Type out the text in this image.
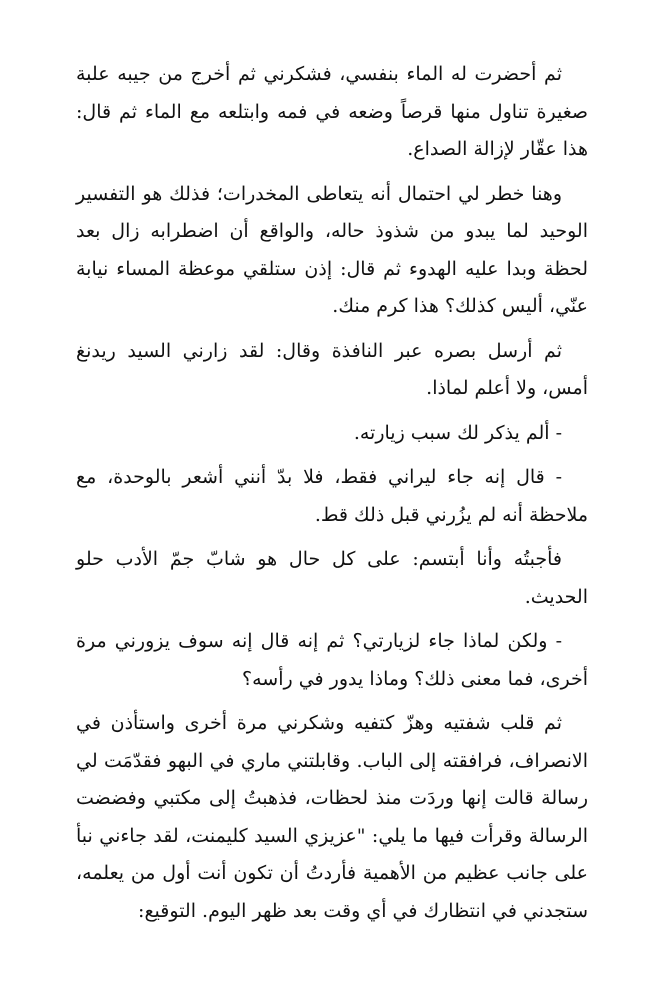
ثم أحضرت له الماء بنفسي، فشكرني ثم أخرج من جيبه علبة صغيرة تناول منها قرصاً وضعه في فمه وابتلعه مع الماء ثم قال: هذا عقّار لإزالة الصداع.

وهنا خطر لي احتمال أنه يتعاطى المخدرات؛ فذلك هو التفسير الوحيد لما يبدو من شذوذ حاله، والواقع أن اضطرابه زال بعد لحظة وبدا عليه الهدوء ثم قال: إذن ستلقي موعظة المساء نيابة عنّي، أليس كذلك؟ هذا كرم منك.

ثم أرسل بصره عبر النافذة وقال: لقد زارني السيد ريدنغ أمس، ولا أعلم لماذا.

- ألم يذكر لك سبب زيارته.

- قال إنه جاء ليراني فقط، فلا بدّ أنني أشعر بالوحدة، مع ملاحظة أنه لم يزُرني قبل ذلك قط.

فأجبتُه وأنا أبتسم: على كل حال هو شابّ جمّ الأدب حلو الحديث.

- ولكن لماذا جاء لزيارتي؟ ثم إنه قال إنه سوف يزورني مرة أخرى، فما معنى ذلك؟ وماذا يدور في رأسه؟

ثم قلب شفتيه وهزّ كتفيه وشكرني مرة أخرى واستأذن في الانصراف، فرافقته إلى الباب. وقابلتني ماري في البهو فقدّمَت لي رسالة قالت إنها وردَت منذ لحظات، فذهبتُ إلى مكتبي وفضضت الرسالة وقرأت فيها ما يلي: "عزيزي السيد كليمنت، لقد جاءني نبأ على جانب عظيم من الأهمية فأردتُ أن تكون أنت أول من يعلمه، ستجدني في انتظارك في أي وقت بعد ظهر اليوم. التوقيع:
